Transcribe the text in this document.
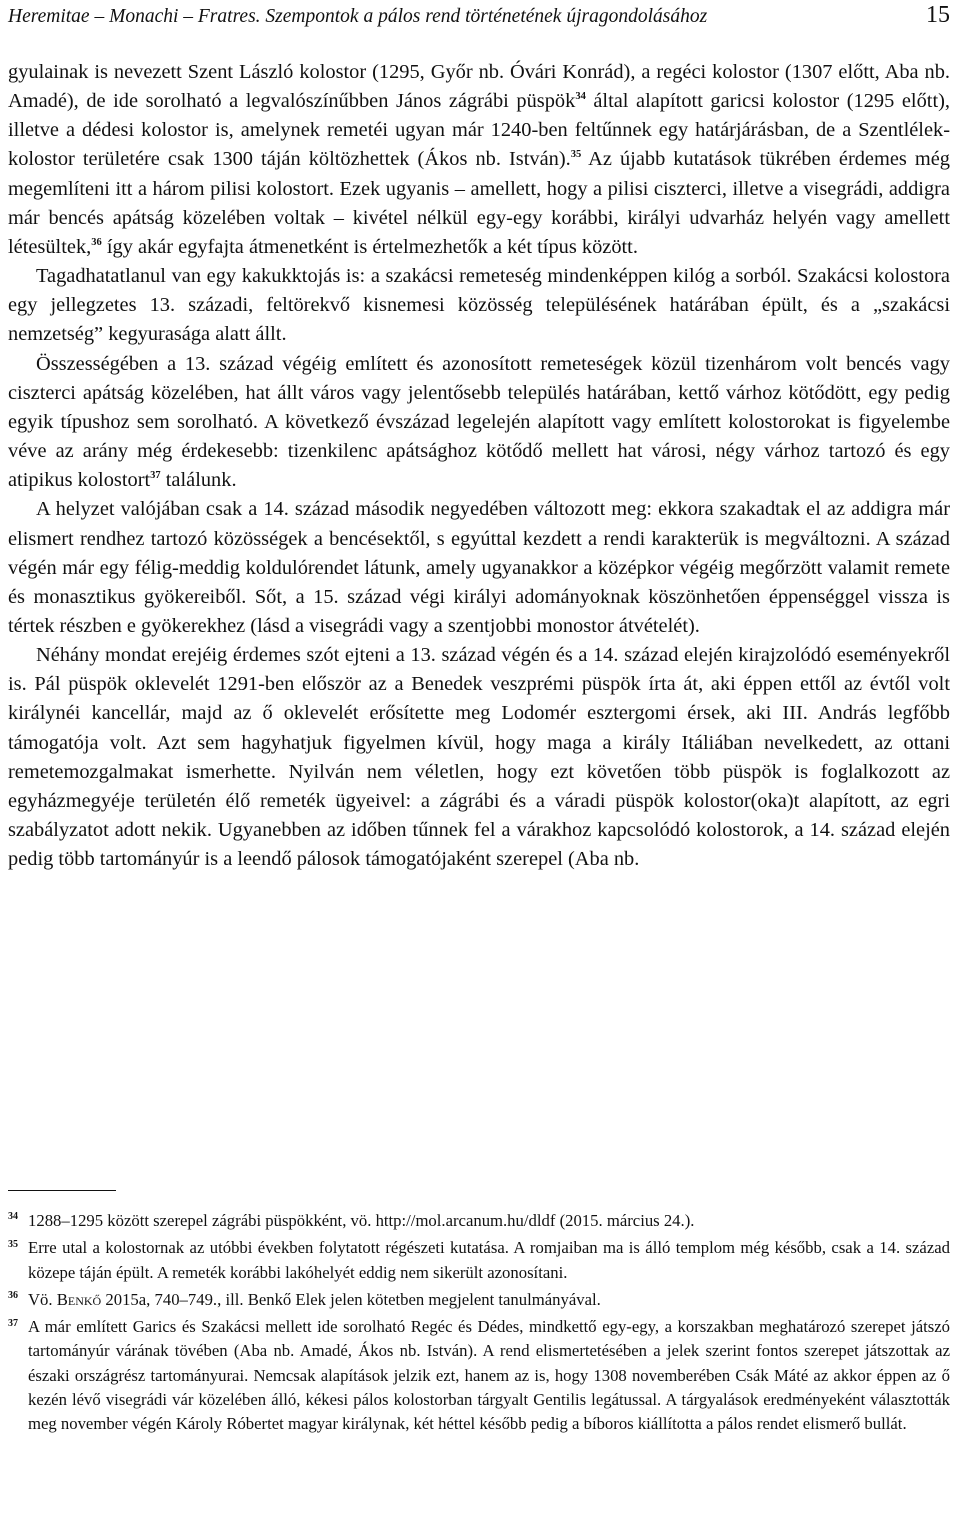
Heremitae – Monachi – Fratres. Szempontok a pálos rend történetének újragondolásához	15

gyulainak is nevezett Szent László kolostor (1295, Győr nb. Óvári Konrád), a regéci kolostor (1307 előtt, Aba nb. Amadé), de ide sorolható a legvalószínűbben János zágrábi püspök$^{34}$ által alapított garicsi kolostor (1295 előtt), illetve a dédesi kolostor is, amelynek remetéi ugyan már 1240-ben feltűnnek egy határjárásban, de a Szentlélek-kolostor területére csak 1300 táján költözhettek (Ákos nb. István).$^{35}$ Az újabb kutatások tükrében érdemes még megemlíteni itt a három pilisi kolostort. Ezek ugyanis – amellett, hogy a pilisi ciszterci, illetve a visegrádi, addigra már bencés apátság közelében voltak – kivétel nélkül egy-egy korábbi, királyi udvarház helyén vagy amellett létesültek,$^{36}$ így akár egyfajta átmenetként is értelmezhetők a két típus között.

Tagadhatatlanul van egy kakukktojás is: a szakácsi remeteség mindenképpen kilóg a sorból. Szakácsi kolostora egy jellegzetes 13. századi, feltörekvő kisnemesi közösség településének határában épült, és a „szakácsi nemzetség” kegyurasága alatt állt.

Összességében a 13. század végéig említett és azonosított remeteségek közül tizenhárom volt bencés vagy ciszterci apátság közelében, hat állt város vagy jelentősebb település határában, kettő várhoz kötődött, egy pedig egyik típushoz sem sorolható. A következő évszázad legelején alapított vagy említett kolostorokat is figyelembe véve az arány még érdekesebb: tizenkilenc apátsághoz kötődő mellett hat városi, négy várhoz tartozó és egy atipikus kolostort$^{37}$ találunk.

A helyzet valójában csak a 14. század második negyedében változott meg: ekkora szakadtak el az addigra már elismert rendhez tartozó közösségek a bencésektől, s egyúttal kezdett a rendi karakterük is megváltozni. A század végén már egy félig-meddig koldulórendet látunk, amely ugyanakkor a középkor végéig megőrzött valamit remete és monasztikus gyökereiből. Sőt, a 15. század végi királyi adományoknak köszönhetően éppenséggel vissza is tértek részben e gyökerekhez (lásd a visegrádi vagy a szentjobbi monostor átvételét).

Néhány mondat erejéig érdemes szót ejteni a 13. század végén és a 14. század elején kirajzolódó eseményekről is. Pál püspök oklevelét 1291-ben először az a Benedek veszprémi püspök írta át, aki éppen ettől az évtől volt királynéi kancellár, majd az ő oklevelét erősítette meg Lodomér esztergomi érsek, aki III. András legfőbb támogatója volt. Azt sem hagyhatjuk figyelmen kívül, hogy maga a király Itáliában nevelkedett, az ottani remetemozgalmakat ismerhette. Nyilván nem véletlen, hogy ezt követően több püspök is foglalkozott az egyházmegyéje területén élő remeték ügyeivel: a zágrábi és a váradi püspök kolostor(oka)t alapított, az egri szabályzatot adott nekik. Ugyanebben az időben tűnnek fel a várakhoz kapcsolódó kolostorok, a 14. század elején pedig több tartományúr is a leendő pálosok támogatójaként szerepel (Aba nb.

34 1288–1295 között szerepel zágrábi püspökként, vö. http://mol.arcanum.hu/dldf (2015. március 24.).

35 Erre utal a kolostornak az utóbbi években folytatott régészeti kutatása. A romjaiban ma is álló templom még később, csak a 14. század közepe táján épült. A remeték korábbi lakóhelyét eddig nem sikerült azonosítani.

36 Vö. Benkő 2015a, 740–749., ill. Benkő Elek jelen kötetben megjelent tanulmányával.

37 A már említett Garics és Szakácsi mellett ide sorolható Regéc és Dédes, mindkettő egy-egy, a korszakban meghatározó szerepet játszó tartományúr várának tövében (Aba nb. Amadé, Ákos nb. István). A rend elismertetésében a jelek szerint fontos szerepet játszottak az északi országrész tartományurai. Nemcsak alapítások jelzik ezt, hanem az is, hogy 1308 novemberében Csák Máté az akkor éppen az ő kezén lévő visegrádi vár közelében álló, kékesi pálos kolostorban tárgyalt Gentilis legátussal. A tárgyalások eredményeként választották meg november végén Károly Róbertet magyar királynak, két héttel később pedig a bíboros kiállította a pálos rendet elismerő bullát.
